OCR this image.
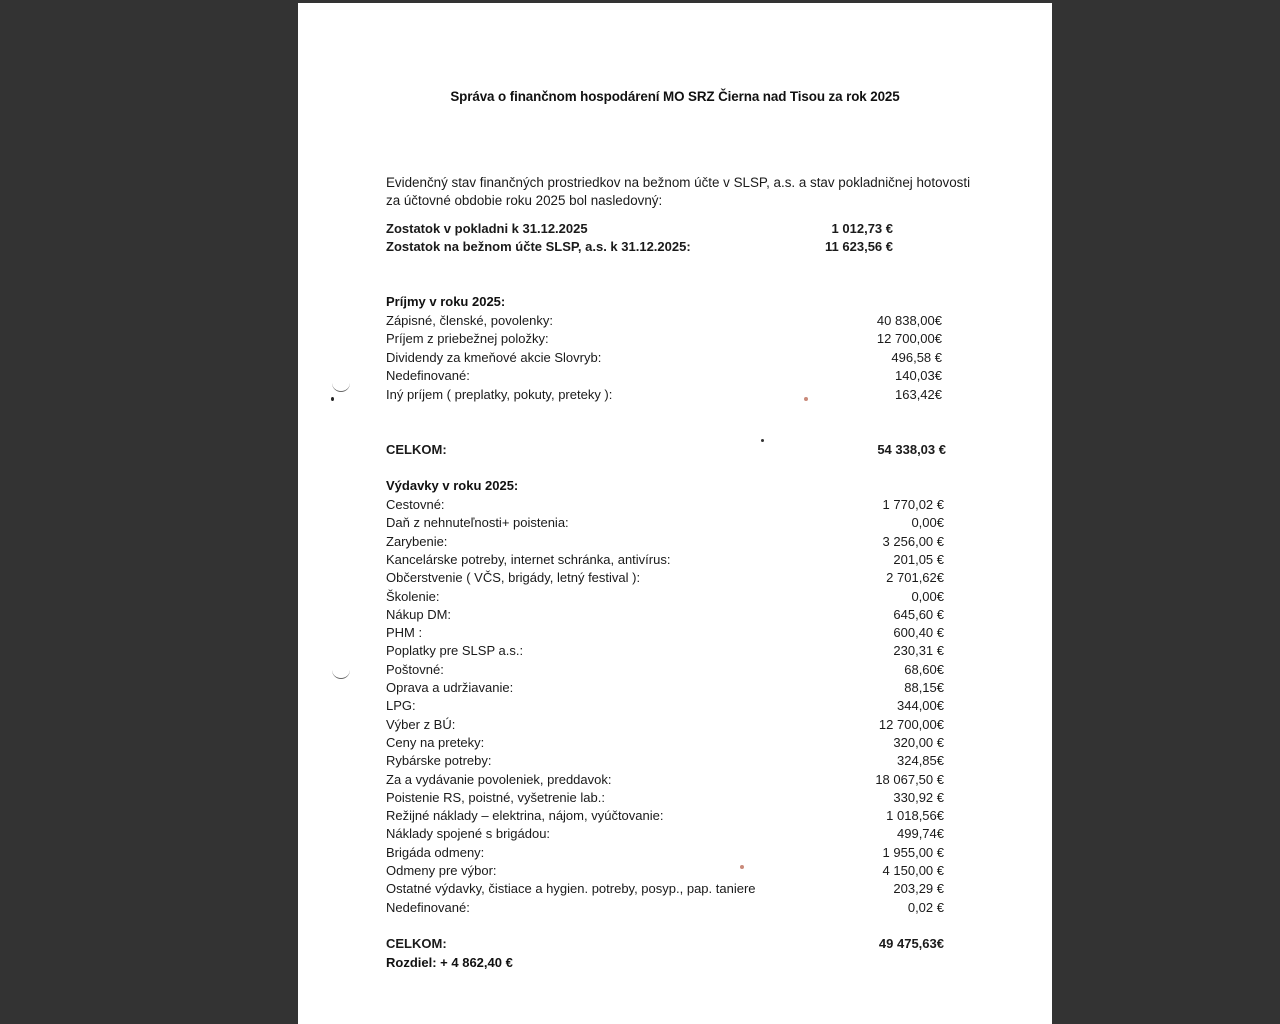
Správa o finančnom hospodárení MO SRZ Čierna nad Tisou za rok 2025
Evidenčný stav finančných prostriedkov na bežnom účte v SLSP, a.s. a stav pokladničnej hotovosti za účtovné obdobie roku 2025 bol nasledovný:
Zostatok v pokladni k 31.12.2025	1 012,73 €
Zostatok na bežnom účte SLSP, a.s. k 31.12.2025:	11 623,56 €
Príjmy v roku 2025:
Zápisné, členské, povolenky:	40 838,00€
Príjem z priebežnej položky:	12 700,00€
Dividendy za kmeňové akcie Slovryb:	496,58 €
Nedefinované:	140,03€
Iný príjem ( preplatky, pokuty, preteky ):	163,42€
CELKOM:	54 338,03 €
Výdavky v roku 2025:
Cestovné:	1 770,02 €
Daň z nehnuteľnosti+ poistenia:	0,00€
Zarybenie:	3 256,00 €
Kancelárske potreby, internet schránka, antivírus:	201,05 €
Občerstvenie ( VČS, brigády, letný festival ):	2 701,62€
Školenie:	0,00€
Nákup DM:	645,60 €
PHM :	600,40 €
Poplatky pre SLSP a.s.:	230,31 €
Poštovné:	68,60€
Oprava a udržiavanie:	88,15€
LPG:	344,00€
Výber z BÚ:	12 700,00€
Ceny na preteky:	320,00 €
Rybárske potreby:	324,85€
Za a vydávanie povoleniek, preddavok:	18 067,50 €
Poistenie RS, poistné, vyšetrenie lab.:	330,92 €
Režijné náklady – elektrina, nájom, vyúčtovanie:	1 018,56€
Náklady spojené s brigádou:	499,74€
Brigáda odmeny:	1 955,00 €
Odmeny pre výbor:	4 150,00 €
Ostatné výdavky, čistiace a hygien. potreby, posyp., pap. taniere	203,29 €
Nedefinované:	0,02 €
CELKOM:	49 475,63€
Rozdiel: + 4 862,40 €
